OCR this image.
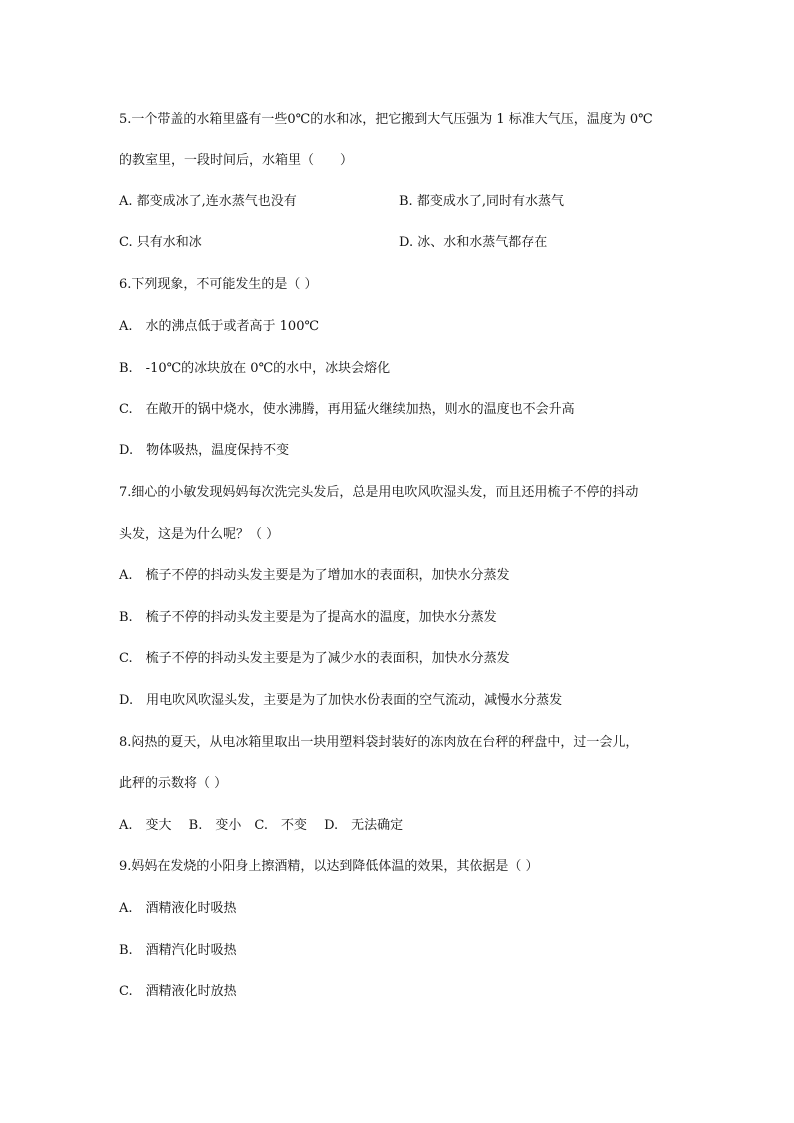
5.一个带盖的水箱里盛有一些0℃的水和冰，把它搬到大气压强为 1 标准大气压，温度为 0℃
的教室里，一段时间后，水箱里（　　）
A. 都变成冰了,连水蒸气也没有	B. 都变成水了,同时有水蒸气
C. 只有水和冰	D. 冰、水和水蒸气都存在
6.下列现象，不可能发生的是（ ）
A.　水的沸点低于或者高于 100℃
B.　-10℃的冰块放在 0℃的水中，冰块会熔化
C.　在敞开的锅中烧水，使水沸腾，再用猛火继续加热，则水的温度也不会升高
D.　物体吸热，温度保持不变
7.细心的小敏发现妈妈每次洗完头发后，总是用电吹风吹湿头发，而且还用梳子不停的抖动
头发，这是为什么呢？（ ）
A.　梳子不停的抖动头发主要是为了增加水的表面积，加快水分蒸发
B.　梳子不停的抖动头发主要是为了提高水的温度，加快水分蒸发
C.　梳子不停的抖动头发主要是为了减少水的表面积，加快水分蒸发
D.　用电吹风吹湿头发，主要是为了加快水份表面的空气流动，减慢水分蒸发
8.闷热的夏天，从电冰箱里取出一块用塑料袋封装好的冻肉放在台秤的秤盘中，过一会儿，
此秤的示数将（ ）
A.　变大　 B.　变小　C.　不变　 D.　无法确定
9.妈妈在发烧的小阳身上擦酒精，以达到降低体温的效果，其依据是（ ）
A.　酒精液化时吸热
B.　酒精汽化时吸热
C.　酒精液化时放热
